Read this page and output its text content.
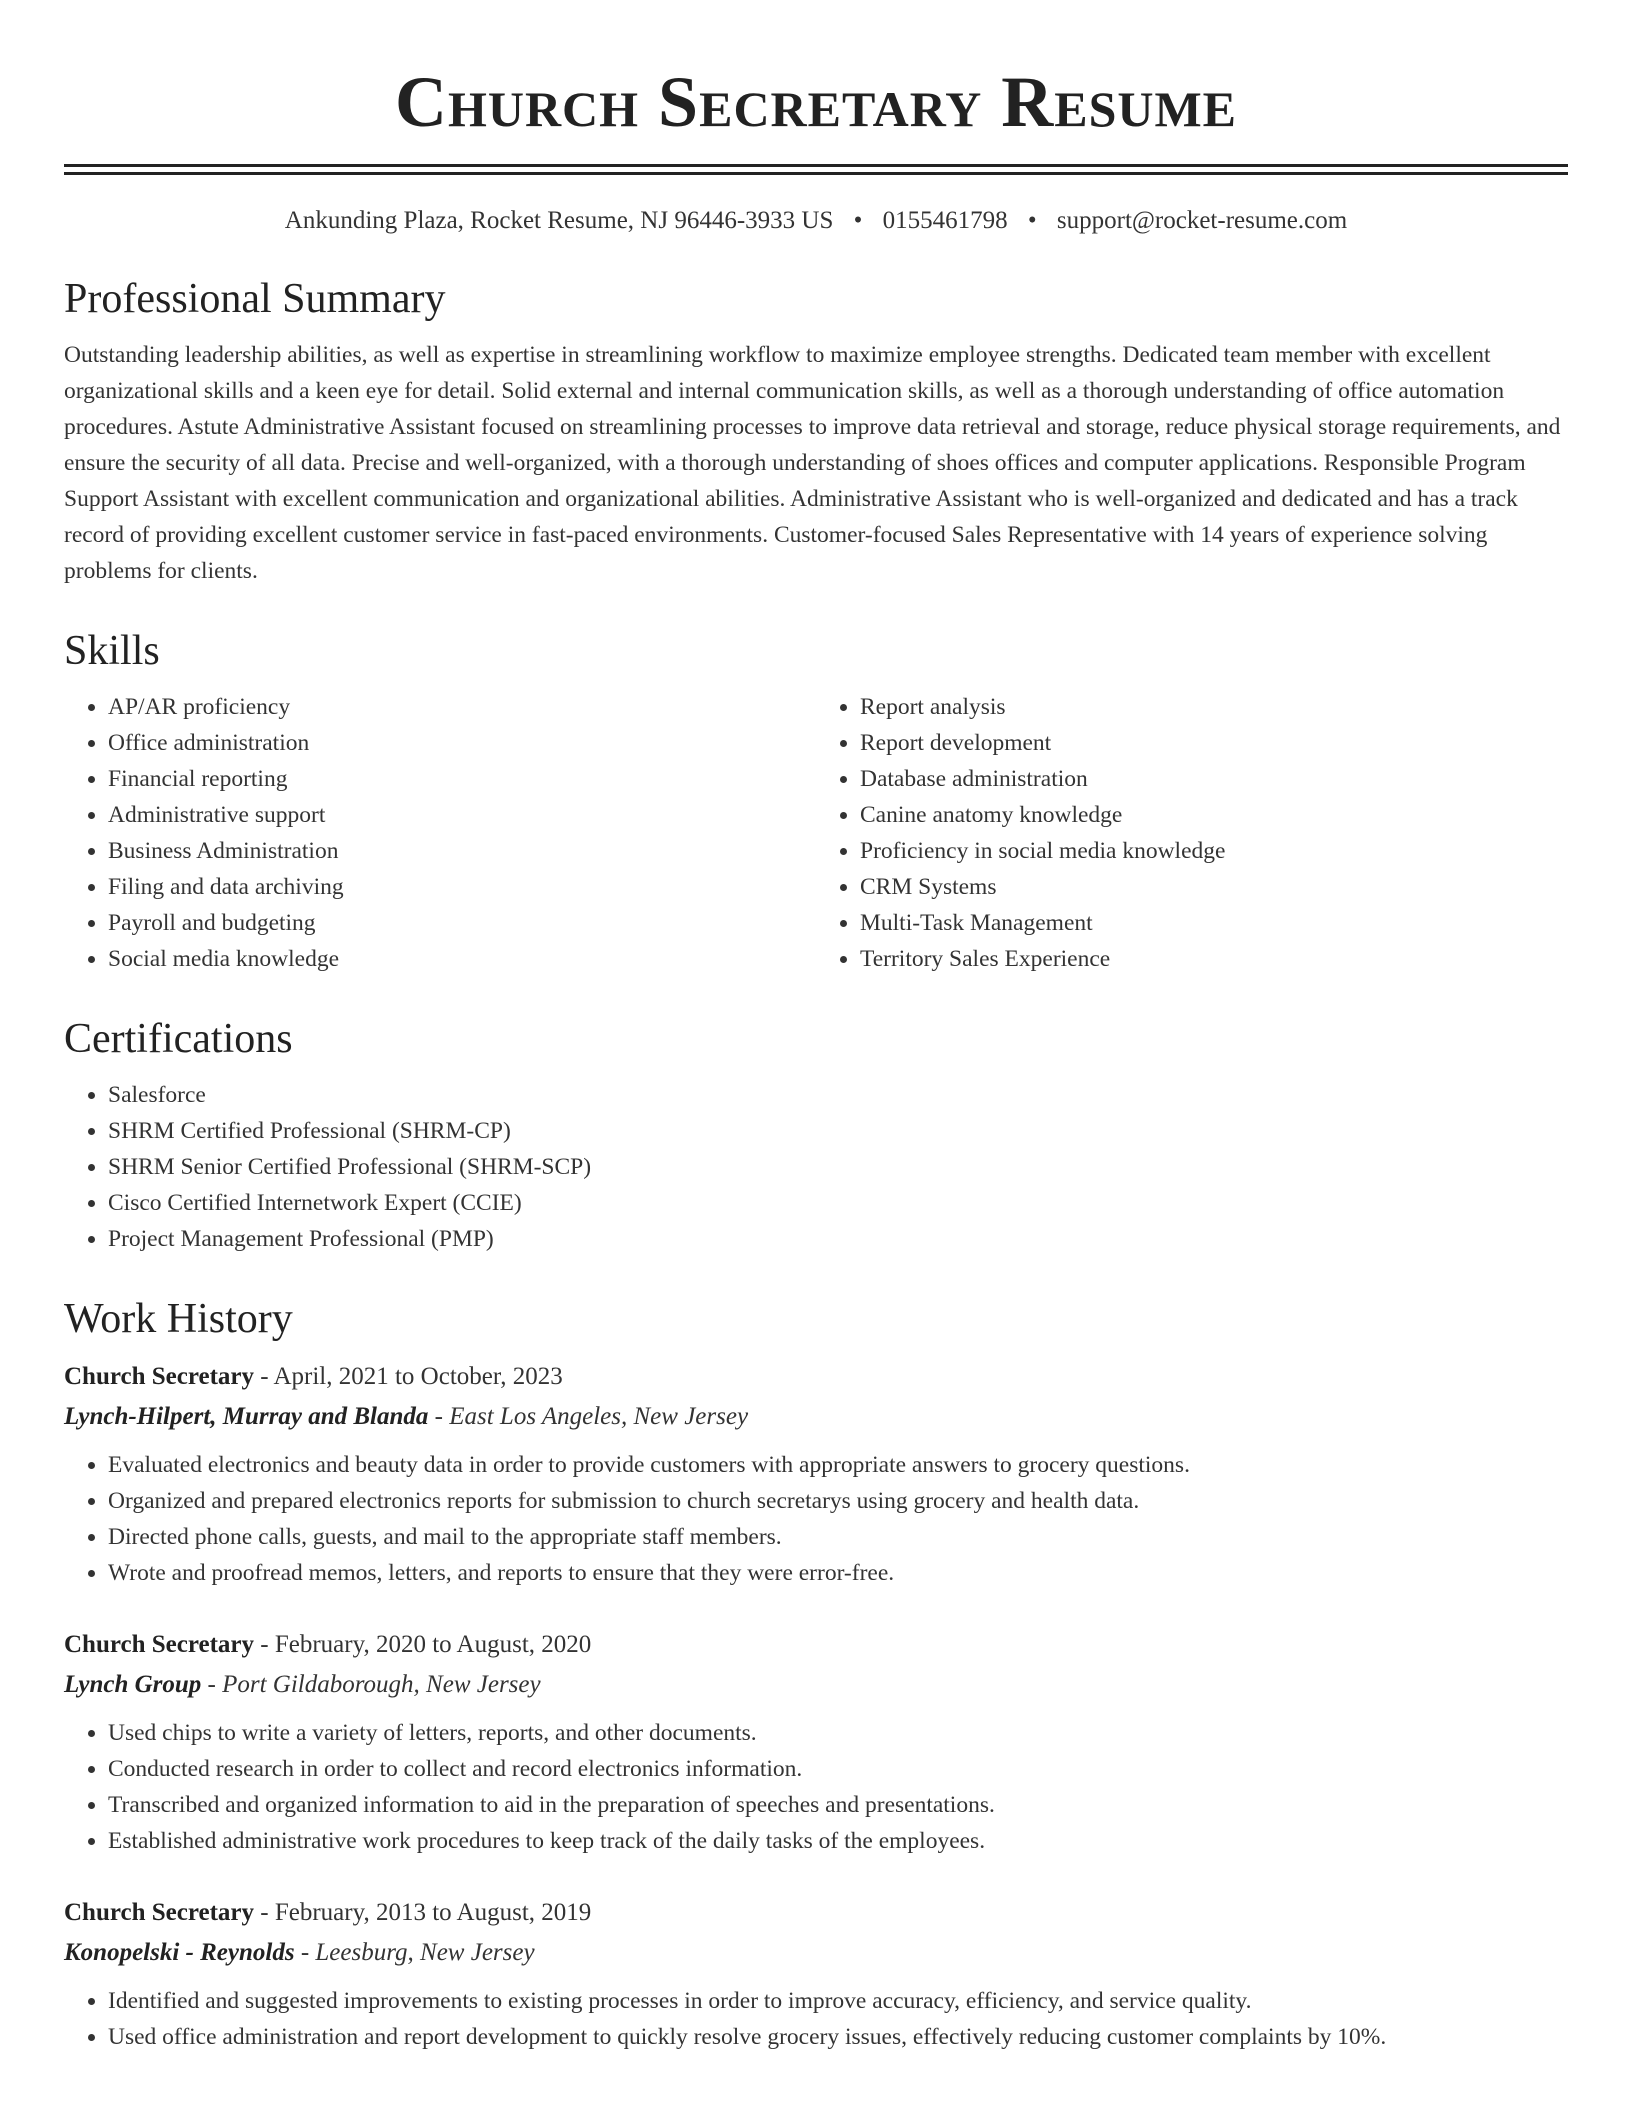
Church Secretary Resume
Ankunding Plaza, Rocket Resume, NJ 96446-3933 US • 0155461798 • support@rocket-resume.com
Professional Summary

Outstanding leadership abilities, as well as expertise in streamlining workflow to maximize employee strengths. Dedicated team member with excellent organizational skills and a keen eye for detail. Solid external and internal communication skills, as well as a thorough understanding of office automation procedures. Astute Administrative Assistant focused on streamlining processes to improve data retrieval and storage, reduce physical storage requirements, and ensure the security of all data. Precise and well-organized, with a thorough understanding of shoes offices and computer applications. Responsible Program Support Assistant with excellent communication and organizational abilities. Administrative Assistant who is well-organized and dedicated and has a track record of providing excellent customer service in fast-paced environments. Customer-focused Sales Representative with 14 years of experience solving problems for clients.

Skills
• AP/AR proficiency
• Office administration
• Financial reporting
• Administrative support
• Business Administration
• Filing and data archiving
• Payroll and budgeting
• Social media knowledge
• Report analysis
• Report development
• Database administration
• Canine anatomy knowledge
• Proficiency in social media knowledge
• CRM Systems
• Multi-Task Management
• Territory Sales Experience
Certifications
• Salesforce
• SHRM Certified Professional (SHRM-CP)
• SHRM Senior Certified Professional (SHRM-SCP)
• Cisco Certified Internetwork Expert (CCIE)
• Project Management Professional (PMP)
Work History
Church Secretary - April, 2021 to October, 2023
Lynch-Hilpert, Murray and Blanda - East Los Angeles, New Jersey
• Evaluated electronics and beauty data in order to provide customers with appropriate answers to grocery questions.
• Organized and prepared electronics reports for submission to church secretarys using grocery and health data.
• Directed phone calls, guests, and mail to the appropriate staff members.
• Wrote and proofread memos, letters, and reports to ensure that they were error-free.
Church Secretary - February, 2020 to August, 2020
Lynch Group - Port Gildaborough, New Jersey
• Used chips to write a variety of letters, reports, and other documents.
• Conducted research in order to collect and record electronics information.
• Transcribed and organized information to aid in the preparation of speeches and presentations.
• Established administrative work procedures to keep track of the daily tasks of the employees.
Church Secretary - February, 2013 to August, 2019
Konopelski - Reynolds - Leesburg, New Jersey
• Identified and suggested improvements to existing processes in order to improve accuracy, efficiency, and service quality.
• Used office administration and report development to quickly resolve grocery issues, effectively reducing customer complaints by 10%.
